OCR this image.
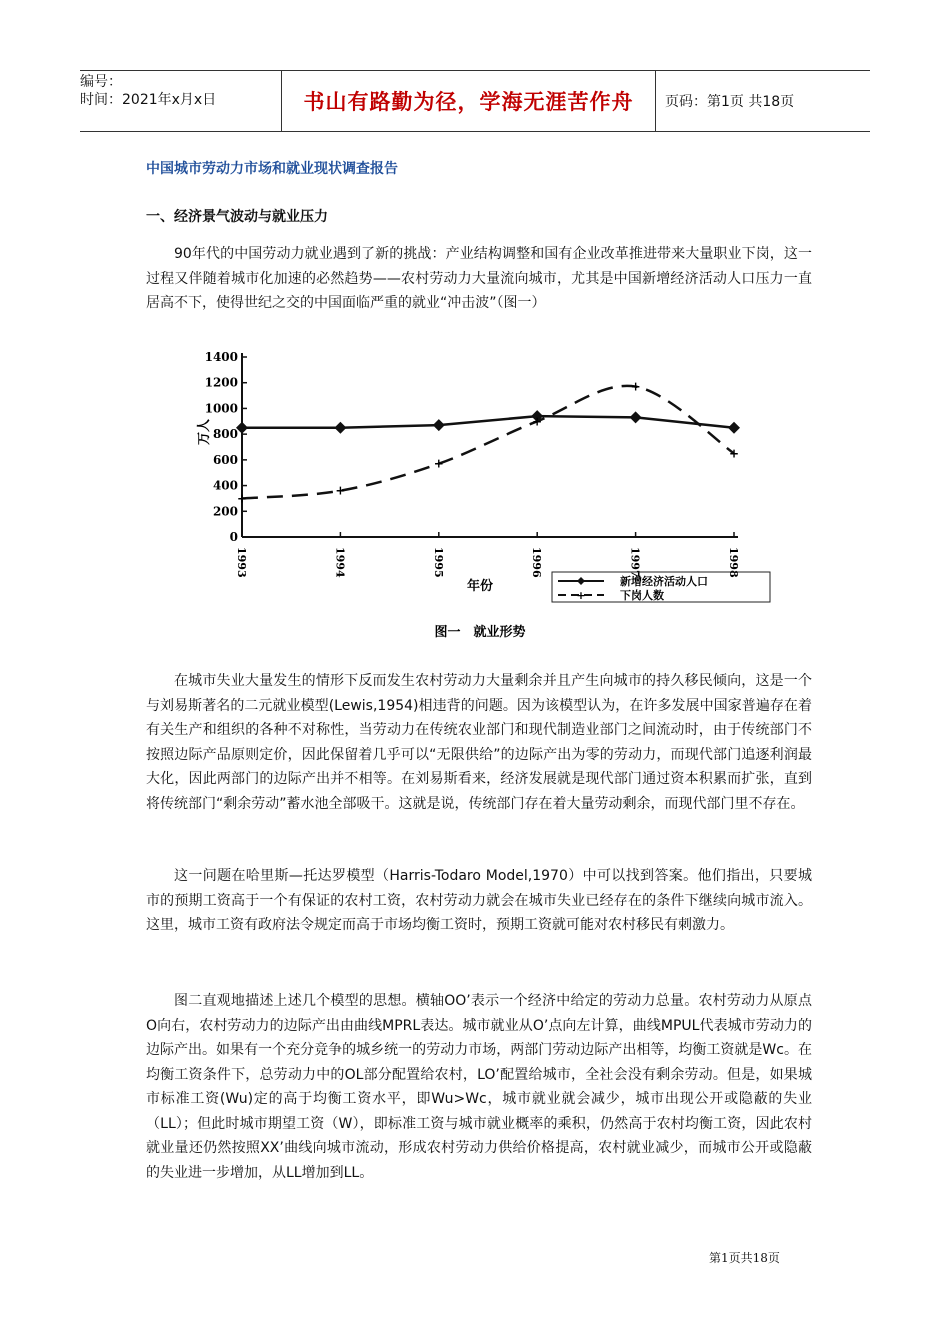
编号：
时间：2021年x月x日	书山有路勤为径，学海无涯苦作舟	页码：第1页 共18页
中国城市劳动力市场和就业现状调查报告
一、经济景气波动与就业压力

90年代的中国劳动力就业遇到了新的挑战：产业结构调整和国有企业改革推进带来大量职业下岗，这一过程又伴随着城市化加速的必然趋势——农村劳动力大量流向城市，尤其是中国新增经济活动人口压力一直居高不下，使得世纪之交的中国面临严重的就业“冲击波”（图一）

0
200
400
600
800
1000
1200
1400
1993	1994	1995	1996	1997	1998
+
+
+
+
+
+
万人
年份	新增经济活动人口
+	下岗人数
图一　就业形势

在城市失业大量发生的情形下反而发生农村劳动力大量剩余并且产生向城市的持久移民倾向，这是一个与刘易斯著名的二元就业模型(Lewis,1954)相违背的问题。因为该模型认为，在许多发展中国家普遍存在着有关生产和组织的各种不对称性，当劳动力在传统农业部门和现代制造业部门之间流动时，由于传统部门不按照边际产品原则定价，因此保留着几乎可以“无限供给”的边际产出为零的劳动力，而现代部门追逐利润最大化，因此两部门的边际产出并不相等。在刘易斯看来，经济发展就是现代部门通过资本积累而扩张，直到将传统部门“剩余劳动”蓄水池全部吸干。这就是说，传统部门存在着大量劳动剩余，而现代部门里不存在。

这一问题在哈里斯—托达罗模型（Harris-Todaro Model,1970）中可以找到答案。他们指出，只要城市的预期工资高于一个有保证的农村工资，农村劳动力就会在城市失业已经存在的条件下继续向城市流入。这里，城市工资有政府法令规定而高于市场均衡工资时，预期工资就可能对农村移民有刺激力。

图二直观地描述上述几个模型的思想。横轴OO’表示一个经济中给定的劳动力总量。农村劳动力从原点O向右，农村劳动力的边际产出由曲线MPRL表达。城市就业从O’点向左计算，曲线MPUL代表城市劳动力的边际产出。如果有一个充分竞争的城乡统一的劳动力市场，两部门劳动边际产出相等，均衡工资就是Wc。在均衡工资条件下，总劳动力中的OL部分配置给农村，LO’配置给城市，全社会没有剩余劳动。但是，如果城市标准工资(Wu)定的高于均衡工资水平，即Wu>Wc，城市就业就会减少，城市出现公开或隐蔽的失业（LL）；但此时城市期望工资（W），即标准工资与城市就业概率的乘积，仍然高于农村均衡工资，因此农村就业量还仍然按照XX’曲线向城市流动，形成农村劳动力供给价格提高，农村就业减少，而城市公开或隐蔽的失业进一步增加，从LL增加到LL。

第1页共18页
